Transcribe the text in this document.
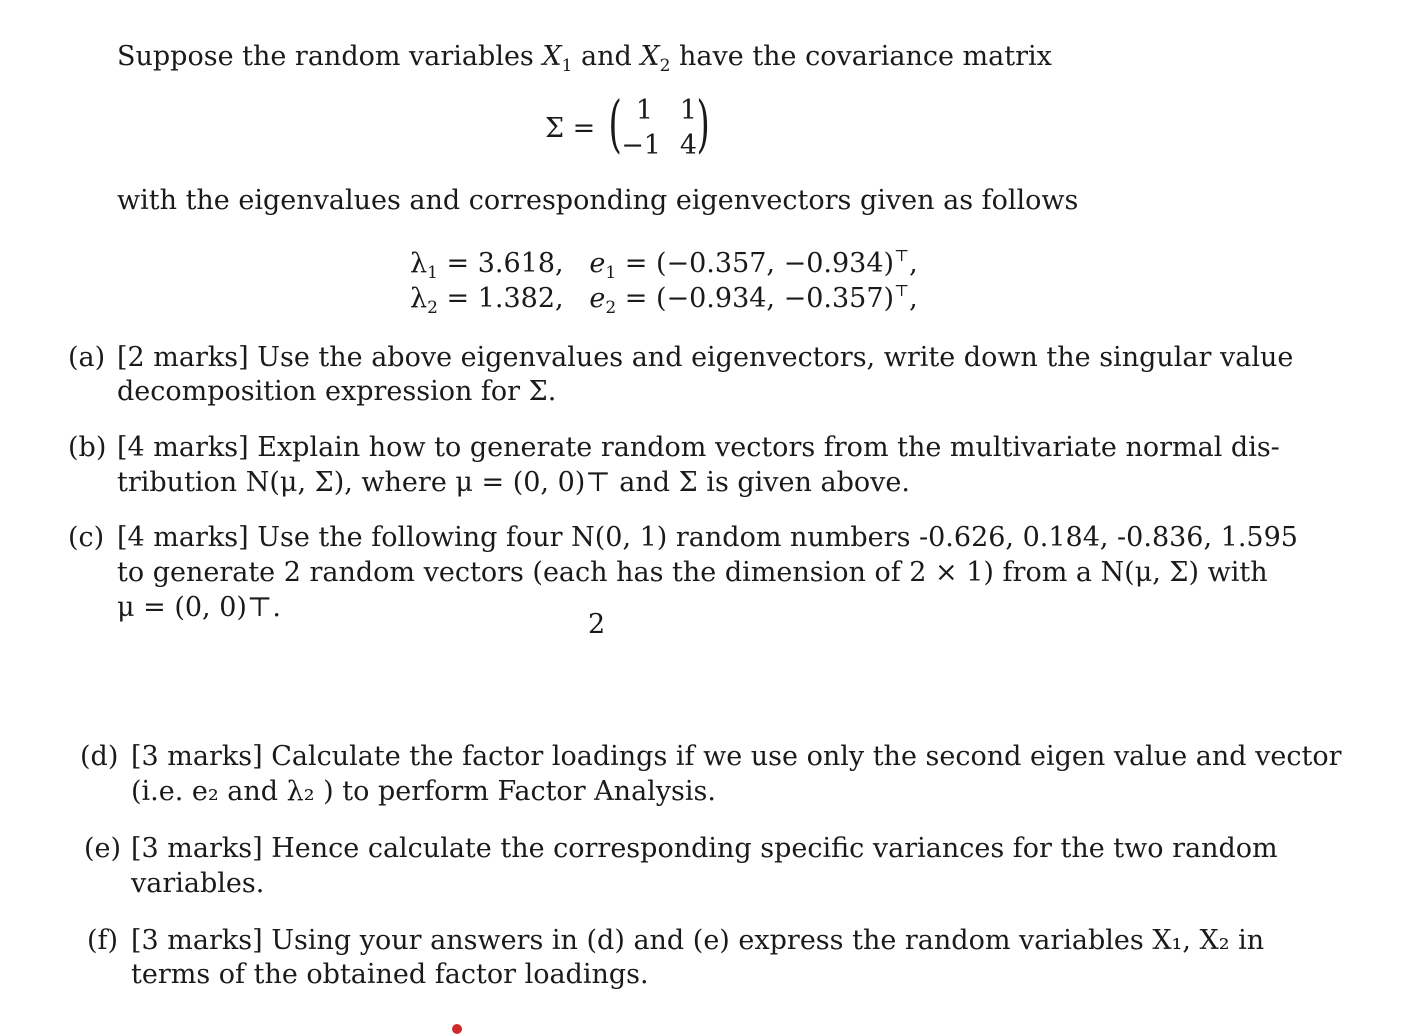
Suppose the random variables $X_1$ and $X_2$ have the covariance matrix
Σ = ( 1 1
−1 4 )
with the eigenvalues and corresponding eigenvectors given as follows
$\lambda_1 = 3.618$, $e_1 = (-0.357$, −0.934)⊤,
$\lambda_2 = 1.382$, $e_2 = (-0.934$, −0.357)⊤,
(a) [2 marks] Use the above eigenvalues and eigenvectors, write down the singular value
decomposition expression for Σ.
(b) [4 marks] Explain how to generate random vectors from the multivariate normal dis-
tribution N(μ, Σ), where μ = (0, 0)⊤ and Σ is given above.
(c) [4 marks] Use the following four N(0, 1) random numbers -0.626, 0.184, -0.836, 1.595
to generate 2 random vectors (each has the dimension of 2 × 1) from a N(μ, Σ) with
μ = (0, 0)⊤.
2
(d) [3 marks] Calculate the factor loadings if we use only the second eigen value and vector
(i.e. e₂ and λ₂ ) to perform Factor Analysis.
(e) [3 marks] Hence calculate the corresponding specific variances for the two random
variables.
(f) [3 marks] Using your answers in (d) and (e) express the random variables X₁, X₂ in
terms of the obtained factor loadings.
